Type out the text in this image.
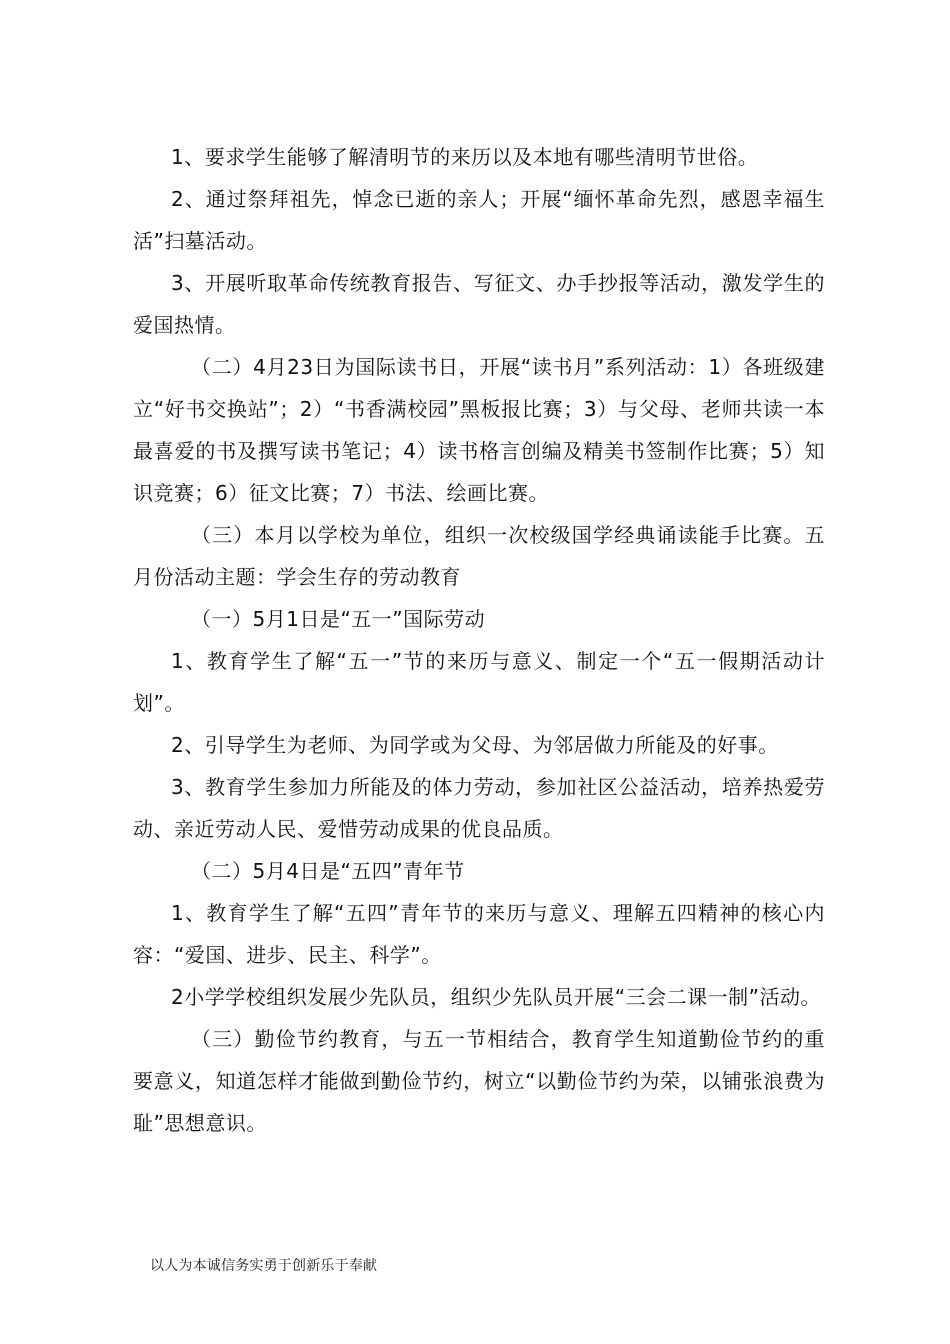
1、要求学生能够了解清明节的来历以及本地有哪些清明节世俗。

2、通过祭拜祖先，悼念已逝的亲人；开展“缅怀革命先烈，感恩幸福生活”扫墓活动。

3、开展听取革命传统教育报告、写征文、办手抄报等活动，激发学生的爱国热情。

（二）4月23日为国际读书日，开展“读书月”系列活动：1）各班级建立“好书交换站”；2）“书香满校园”黑板报比赛；3）与父母、老师共读一本最喜爱的书及撰写读书笔记；4）读书格言创编及精美书签制作比赛；5）知识竞赛；6）征文比赛；7）书法、绘画比赛。

（三）本月以学校为单位，组织一次校级国学经典诵读能手比赛。五月份活动主题：学会生存的劳动教育

（一）5月1日是“五一”国际劳动

1、教育学生了解“五一”节的来历与意义、制定一个“五一假期活动计划”。

2、引导学生为老师、为同学或为父母、为邻居做力所能及的好事。

3、教育学生参加力所能及的体力劳动，参加社区公益活动，培养热爱劳动、亲近劳动人民、爱惜劳动成果的优良品质。

（二）5月4日是“五四”青年节

1、教育学生了解“五四”青年节的来历与意义、理解五四精神的核心内容：“爱国、进步、民主、科学”。

2小学学校组织发展少先队员，组织少先队员开展“三会二课一制”活动。

（三）勤俭节约教育，与五一节相结合，教育学生知道勤俭节约的重要意义，知道怎样才能做到勤俭节约，树立“以勤俭节约为荣，以铺张浪费为耻”思想意识。

以人为本诚信务实勇于创新乐于奉献
